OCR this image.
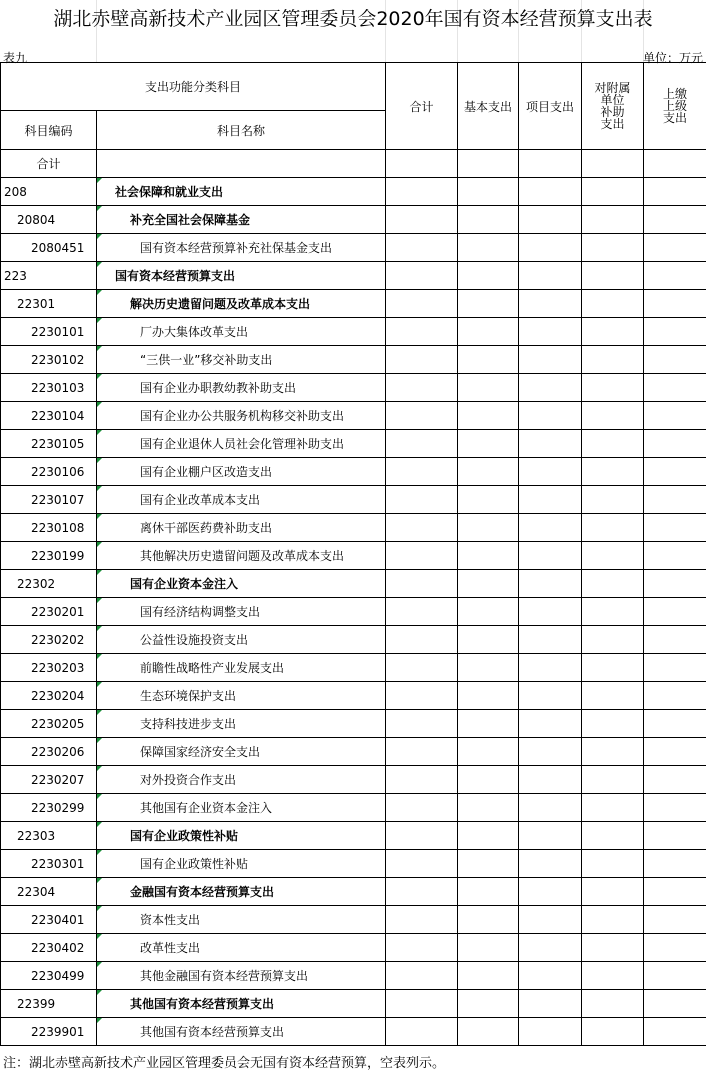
湖北赤壁高新技术产业园区管理委员会2020年国有资本经营预算支出表
表九	单位：万元
支出功能分类科目		合计	基本支出	项目支出	对附属
单位
补助
支出	上缴
上级
支出
科目编码	科目名称					
合计						
208	社会保障和就业支出					
20804	补充全国社会保障基金					
2080451	国有资本经营预算补充社保基金支出					
223	国有资本经营预算支出					
22301	解决历史遗留问题及改革成本支出					
2230101	厂办大集体改革支出					
2230102	“三供一业”移交补助支出					
2230103	国有企业办职教幼教补助支出					
2230104	国有企业办公共服务机构移交补助支出					
2230105	国有企业退休人员社会化管理补助支出					
2230106	国有企业棚户区改造支出					
2230107	国有企业改革成本支出					
2230108	离休干部医药费补助支出					
2230199	其他解决历史遗留问题及改革成本支出					
22302	国有企业资本金注入					
2230201	国有经济结构调整支出					
2230202	公益性设施投资支出					
2230203	前瞻性战略性产业发展支出					
2230204	生态环境保护支出					
2230205	支持科技进步支出					
2230206	保障国家经济安全支出					
2230207	对外投资合作支出					
2230299	其他国有企业资本金注入					
22303	国有企业政策性补贴					
2230301	国有企业政策性补贴					
22304	金融国有资本经营预算支出					
2230401	资本性支出					
2230402	改革性支出					
2230499	其他金融国有资本经营预算支出					
22399	其他国有资本经营预算支出					
2239901	其他国有资本经营预算支出					
注：湖北赤壁高新技术产业园区管理委员会无国有资本经营预算，空表列示。
